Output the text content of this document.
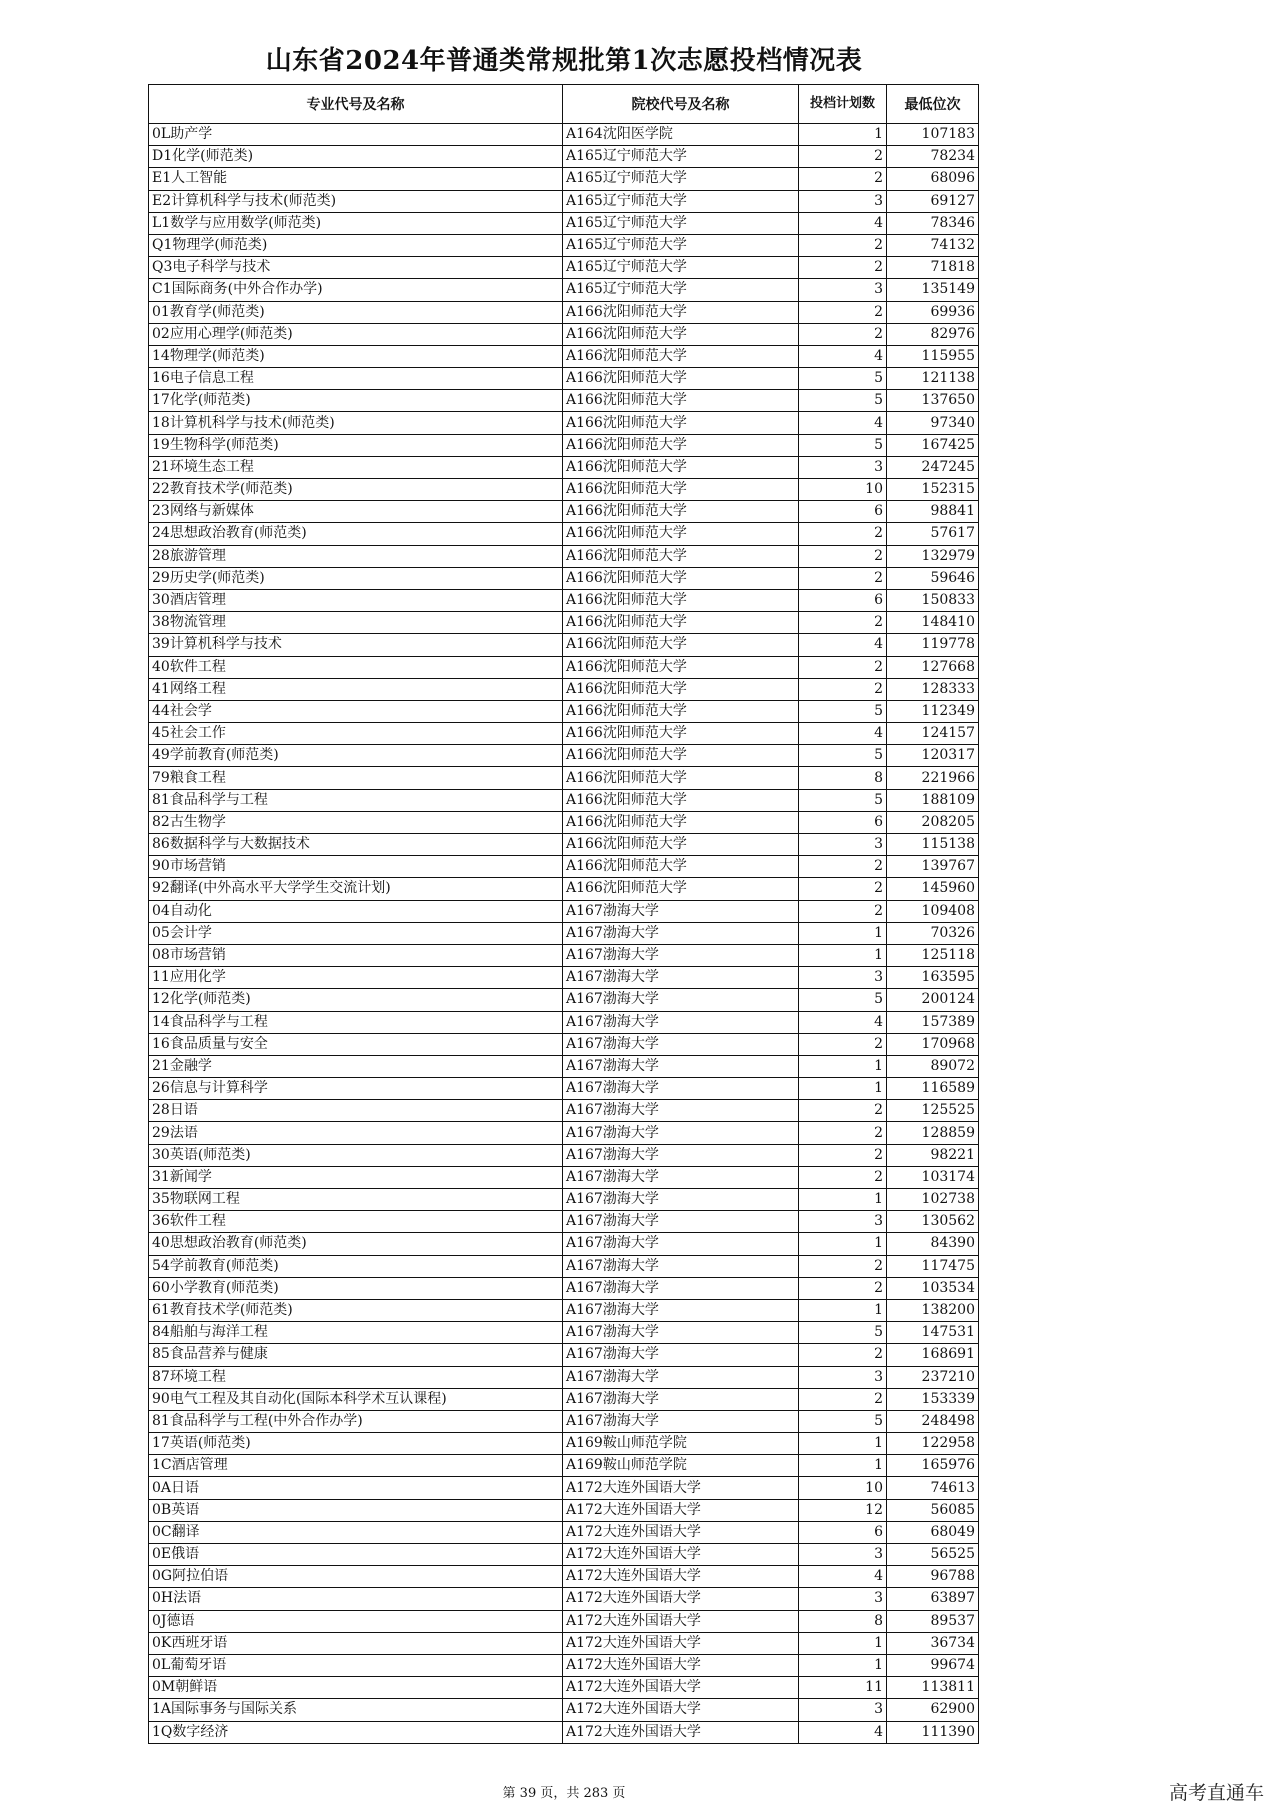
山东省2024年普通类常规批第1次志愿投档情况表
专业代号及名称	院校代号及名称	投档计划数	最低位次
0L助产学	A164沈阳医学院	1	107183
D1化学(师范类)	A165辽宁师范大学	2	78234
E1人工智能	A165辽宁师范大学	2	68096
E2计算机科学与技术(师范类)	A165辽宁师范大学	3	69127
L1数学与应用数学(师范类)	A165辽宁师范大学	4	78346
Q1物理学(师范类)	A165辽宁师范大学	2	74132
Q3电子科学与技术	A165辽宁师范大学	2	71818
C1国际商务(中外合作办学)	A165辽宁师范大学	3	135149
01教育学(师范类)	A166沈阳师范大学	2	69936
02应用心理学(师范类)	A166沈阳师范大学	2	82976
14物理学(师范类)	A166沈阳师范大学	4	115955
16电子信息工程	A166沈阳师范大学	5	121138
17化学(师范类)	A166沈阳师范大学	5	137650
18计算机科学与技术(师范类)	A166沈阳师范大学	4	97340
19生物科学(师范类)	A166沈阳师范大学	5	167425
21环境生态工程	A166沈阳师范大学	3	247245
22教育技术学(师范类)	A166沈阳师范大学	10	152315
23网络与新媒体	A166沈阳师范大学	6	98841
24思想政治教育(师范类)	A166沈阳师范大学	2	57617
28旅游管理	A166沈阳师范大学	2	132979
29历史学(师范类)	A166沈阳师范大学	2	59646
30酒店管理	A166沈阳师范大学	6	150833
38物流管理	A166沈阳师范大学	2	148410
39计算机科学与技术	A166沈阳师范大学	4	119778
40软件工程	A166沈阳师范大学	2	127668
41网络工程	A166沈阳师范大学	2	128333
44社会学	A166沈阳师范大学	5	112349
45社会工作	A166沈阳师范大学	4	124157
49学前教育(师范类)	A166沈阳师范大学	5	120317
79粮食工程	A166沈阳师范大学	8	221966
81食品科学与工程	A166沈阳师范大学	5	188109
82古生物学	A166沈阳师范大学	6	208205
86数据科学与大数据技术	A166沈阳师范大学	3	115138
90市场营销	A166沈阳师范大学	2	139767
92翻译(中外高水平大学学生交流计划)	A166沈阳师范大学	2	145960
04自动化	A167渤海大学	2	109408
05会计学	A167渤海大学	1	70326
08市场营销	A167渤海大学	1	125118
11应用化学	A167渤海大学	3	163595
12化学(师范类)	A167渤海大学	5	200124
14食品科学与工程	A167渤海大学	4	157389
16食品质量与安全	A167渤海大学	2	170968
21金融学	A167渤海大学	1	89072
26信息与计算科学	A167渤海大学	1	116589
28日语	A167渤海大学	2	125525
29法语	A167渤海大学	2	128859
30英语(师范类)	A167渤海大学	2	98221
31新闻学	A167渤海大学	2	103174
35物联网工程	A167渤海大学	1	102738
36软件工程	A167渤海大学	3	130562
40思想政治教育(师范类)	A167渤海大学	1	84390
54学前教育(师范类)	A167渤海大学	2	117475
60小学教育(师范类)	A167渤海大学	2	103534
61教育技术学(师范类)	A167渤海大学	1	138200
84船舶与海洋工程	A167渤海大学	5	147531
85食品营养与健康	A167渤海大学	2	168691
87环境工程	A167渤海大学	3	237210
90电气工程及其自动化(国际本科学术互认课程)	A167渤海大学	2	153339
81食品科学与工程(中外合作办学)	A167渤海大学	5	248498
17英语(师范类)	A169鞍山师范学院	1	122958
1C酒店管理	A169鞍山师范学院	1	165976
0A日语	A172大连外国语大学	10	74613
0B英语	A172大连外国语大学	12	56085
0C翻译	A172大连外国语大学	6	68049
0E俄语	A172大连外国语大学	3	56525
0G阿拉伯语	A172大连外国语大学	4	96788
0H法语	A172大连外国语大学	3	63897
0J德语	A172大连外国语大学	8	89537
0K西班牙语	A172大连外国语大学	1	36734
0L葡萄牙语	A172大连外国语大学	1	99674
0M朝鲜语	A172大连外国语大学	11	113811
1A国际事务与国际关系	A172大连外国语大学	3	62900
1Q数字经济	A172大连外国语大学	4	111390
第 39 页，共 283 页	高考直通车
